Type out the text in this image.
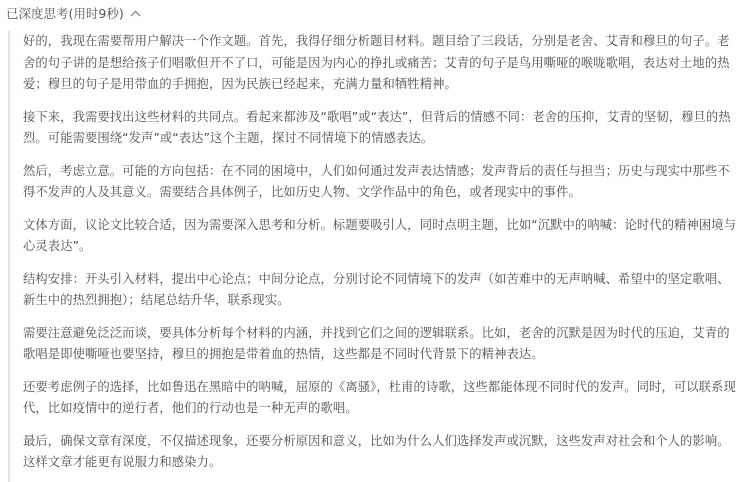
已深度思考(用时9秒)

好的，我现在需要帮用户解决一个作文题。首先，我得仔细分析题目材料。题目给了三段话，分别是老舍、艾青和穆旦的句子。老舍的句子讲的是想给孩子们唱歌但开不了口，可能是因为内心的挣扎或痛苦；艾青的句子是鸟用嘶哑的喉咙歌唱，表达对土地的热爱；穆旦的句子是用带血的手拥抱，因为民族已经起来，充满力量和牺牲精神。

接下来，我需要找出这些材料的共同点。看起来都涉及“歌唱”或“表达”，但背后的情感不同：老舍的压抑，艾青的坚韧，穆旦的热烈。可能需要围绕“发声”或“表达”这个主题，探讨不同情境下的情感表达。

然后，考虑立意。可能的方向包括：在不同的困境中，人们如何通过发声表达情感；发声背后的责任与担当；历史与现实中那些不得不发声的人及其意义。需要结合具体例子，比如历史人物、文学作品中的角色，或者现实中的事件。

文体方面，议论文比较合适，因为需要深入思考和分析。标题要吸引人，同时点明主题，比如“沉默中的呐喊：论时代的精神困境与心灵表达”。

结构安排：开头引入材料，提出中心论点；中间分论点，分别讨论不同情境下的发声（如苦难中的无声呐喊、希望中的坚定歌唱、新生中的热烈拥抱）；结尾总结升华，联系现实。

需要注意避免泛泛而谈，要具体分析每个材料的内涵，并找到它们之间的逻辑联系。比如，老舍的沉默是因为时代的压迫，艾青的歌唱是即使嘶哑也要坚持，穆旦的拥抱是带着血的热情，这些都是不同时代背景下的精神表达。

还要考虑例子的选择，比如鲁迅在黑暗中的呐喊，屈原的《离骚》，杜甫的诗歌，这些都能体现不同时代的发声。同时，可以联系现代，比如疫情中的逆行者，他们的行动也是一种无声的歌唱。

最后，确保文章有深度，不仅描述现象，还要分析原因和意义，比如为什么人们选择发声或沉默，这些发声对社会和个人的影响。这样文章才能更有说服力和感染力。
